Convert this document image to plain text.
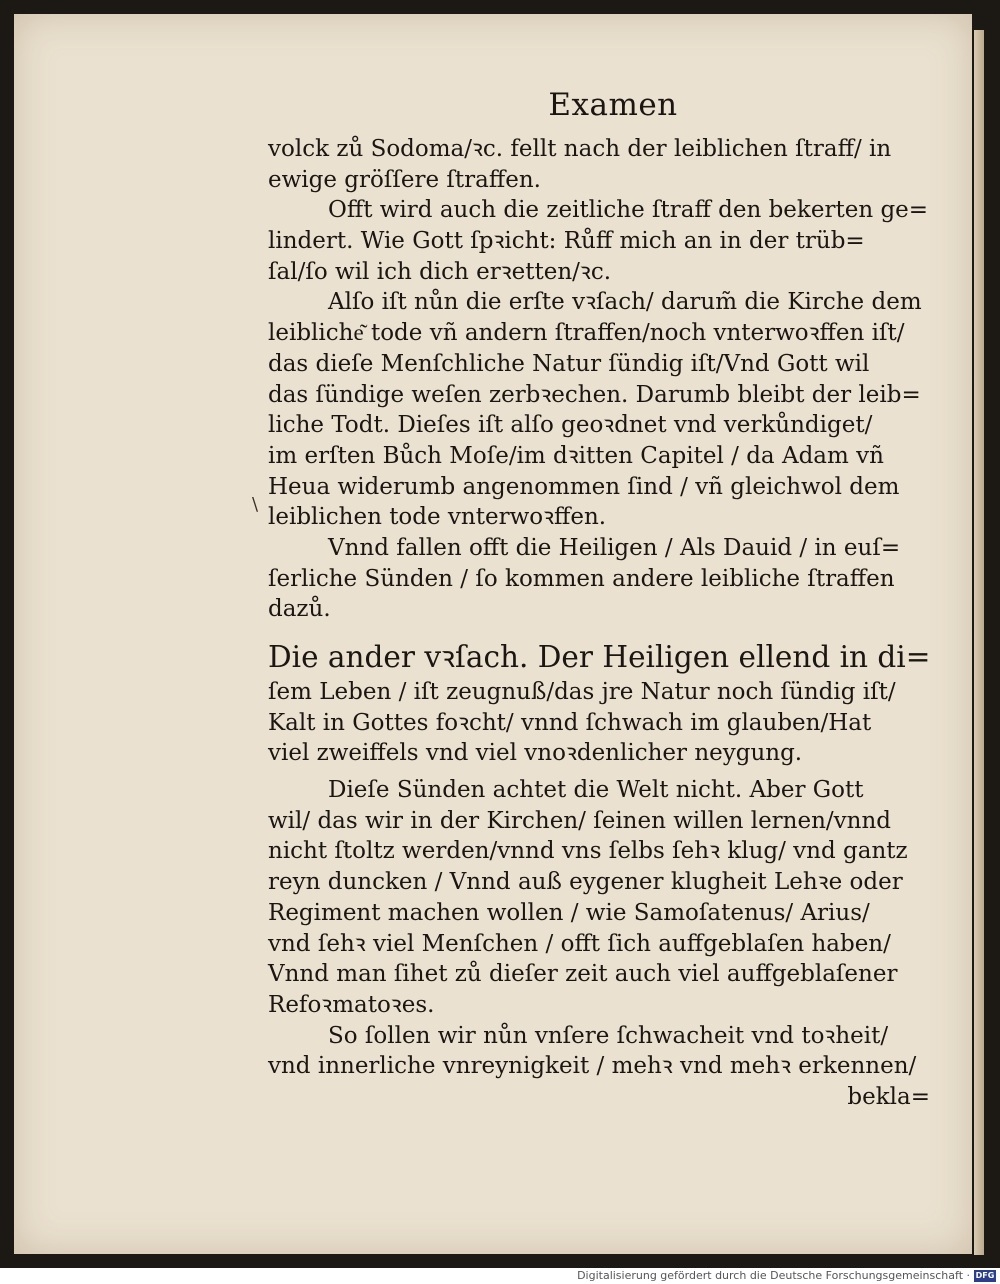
\
Examen
volck zů Sodoma/ꝛc. fellt nach der leiblichen ſtraff/ in
ewige gröſſere ſtraffen.
Offt wird auch die zeitliche ſtraff den bekerten ge=
lindert. Wie Gott ſpꝛicht: Růff mich an in der trüb=
ſal/ſo wil ich dich erꝛetten/ꝛc.
Alſo iſt nůn die erſte vꝛſach/ darum̃ die Kirche dem
leibliche͂ tode vñ andern ſtraffen/noch vnterwoꝛffen iſt/
das dieſe Menſchliche Natur ſündig iſt/Vnd Gott wil
das ſündige weſen zerbꝛechen. Darumb bleibt der leib=
liche Todt. Dieſes iſt alſo geoꝛdnet vnd verkůndiget/
im erſten Bůch Moſe/im dꝛitten Capitel / da Adam vñ
Heua widerumb angenommen ſind / vñ gleichwol dem
leiblichen tode vnterwoꝛffen.
Vnnd fallen offt die Heiligen / Als Dauid / in euſ=
ſerliche Sünden / ſo kommen andere leibliche ſtraffen
dazů.
Die ander vꝛſach. Der Heiligen ellend in di=
ſem Leben / iſt zeugnuß/das jre Natur noch ſündig iſt/
Kalt in Gottes foꝛcht/ vnnd ſchwach im glauben/Hat
viel zweiffels vnd viel vnoꝛdenlicher neygung.
Dieſe Sünden achtet die Welt nicht. Aber Gott
wil/ das wir in der Kirchen/ ſeinen willen lernen/vnnd
nicht ſtoltz werden/vnnd vns ſelbs ſehꝛ klug/ vnd gantz
reyn duncken / Vnnd auß eygener klugheit Lehꝛe oder
Regiment machen wollen / wie Samoſatenus/ Arius/
vnd ſehꝛ viel Menſchen / offt ſich auffgeblaſen haben/
Vnnd man ſihet zů dieſer zeit auch viel auffgeblaſener
Refoꝛmatoꝛes.
So ſollen wir nůn vnſere ſchwacheit vnd toꝛheit/
vnd innerliche vnreynigkeit / mehꝛ vnd mehꝛ erkennen/
bekla=
Digitalisierung gefördert durch die Deutsche Forschungsgemeinschaft · DFG
